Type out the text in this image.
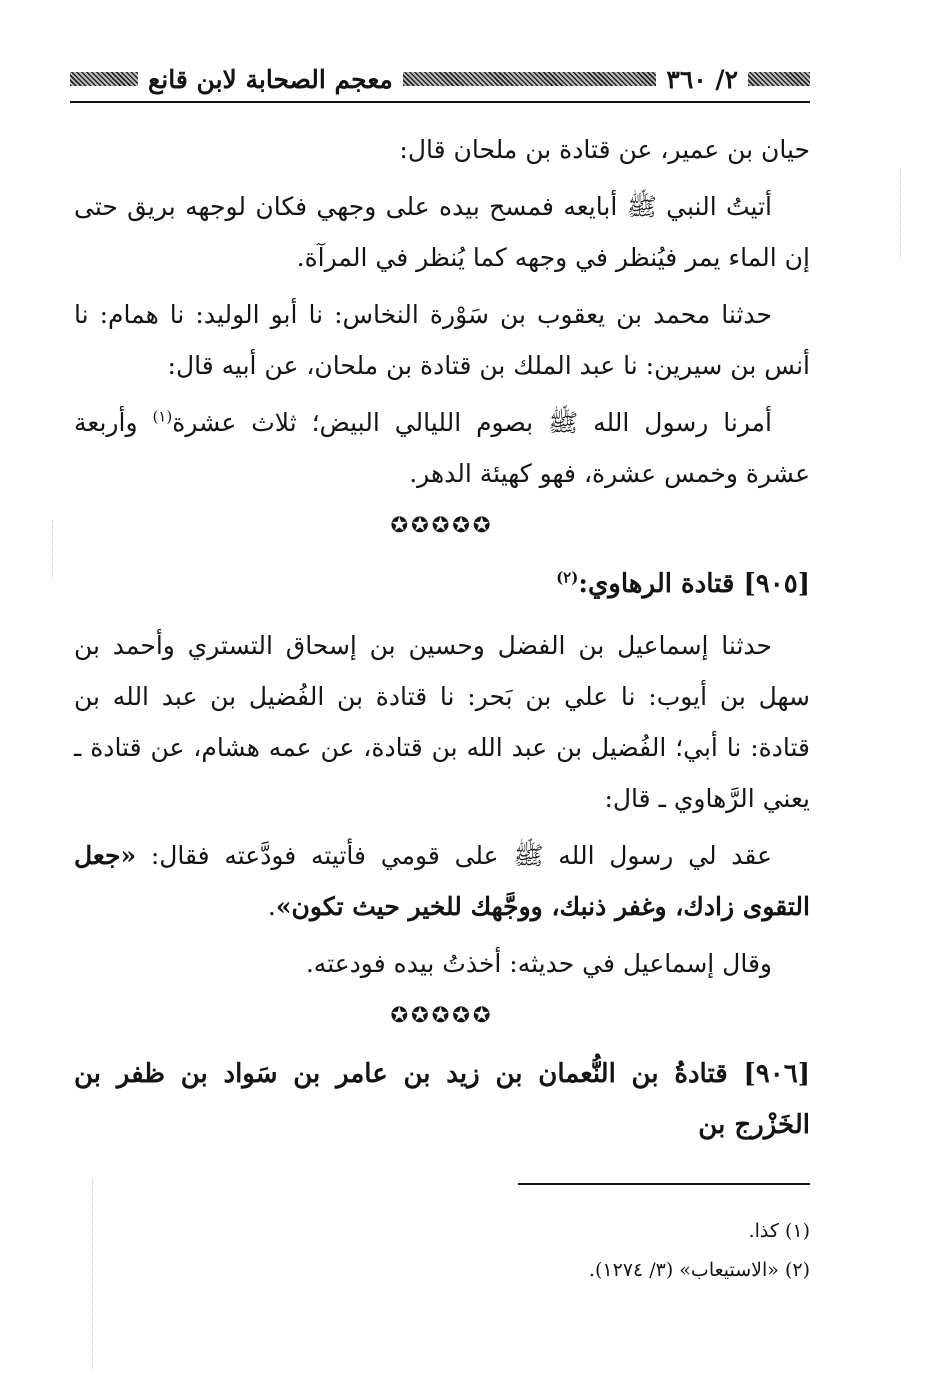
٢/ ٣٦٠
معجم الصحابة لابن قانع

حيان بن عمير، عن قتادة بن ملحان قال:

أتيتُ النبي ﷺ أبايعه فمسح بيده على وجهي فكان لوجهه بريق حتى إن الماء يمر فيُنظر في وجهه كما يُنظر في المرآة.

حدثنا محمد بن يعقوب بن سَوْرة النخاس: نا أبو الوليد: نا همام: نا أنس بن سيرين: نا عبد الملك بن قتادة بن ملحان، عن أبيه قال:

أمرنا رسول الله ﷺ بصوم الليالي البيض؛ ثلاث عشرة$^{(١)}$ وأربعة عشرة وخمس عشرة، فهو كهيئة الدهر.

✪✪✪✪✪

[٩٠٥] قتادة الرهاوي:$^{(٢)}$

حدثنا إسماعيل بن الفضل وحسين بن إسحاق التستري وأحمد بن سهل بن أيوب: نا علي بن بَحر: نا قتادة بن الفُضيل بن عبد الله بن قتادة: نا أبي؛ الفُضيل بن عبد الله بن قتادة، عن عمه هشام، عن قتادة ـ يعني الرَّهاوي ـ قال:

عقد لي رسول الله ﷺ على قومي فأتيته فودَّعته فقال: «جعل التقوى زادك، وغفر ذنبك، ووجَّهك للخير حيث تكون».

وقال إسماعيل في حديثه: أخذتُ بيده فودعته.

✪✪✪✪✪

[٩٠٦] قتادةُ بن النُّعمان بن زيد بن عامر بن سَواد بن ظفر بن الخَزْرج بن

(١) كذا.
(٢) «الاستيعاب» (٣/ ١٢٧٤).
